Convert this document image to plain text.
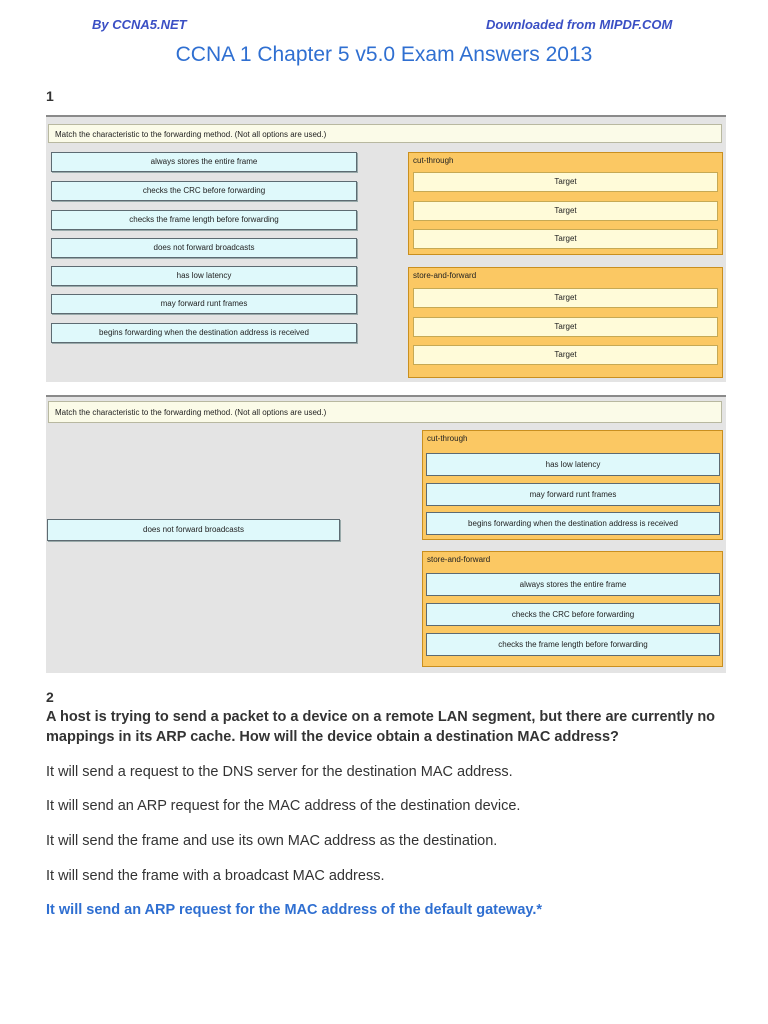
By CCNA5.NET	Downloaded from MIPDF.COM
CCNA 1 Chapter 5 v5.0 Exam Answers 2013
1
Match the characteristic to the forwarding method. (Not all options are used.)
always stores the entire frame
checks the CRC before forwarding
checks the frame length before forwarding
does not forward broadcasts
has low latency
may forward runt frames
begins forwarding when the destination address is received
cut-through
Target
Target
Target
store-and-forward
Target
Target
Target
Match the characteristic to the forwarding method. (Not all options are used.)
does not forward broadcasts
cut-through
has low latency
may forward runt frames
begins forwarding when the destination address is received
store-and-forward
always stores the entire frame
checks the CRC before forwarding
checks the frame length before forwarding
2
A host is trying to send a packet to a device on a remote LAN segment, but there are currently no mappings in its ARP cache. How will the device obtain a destination MAC address?
It will send a request to the DNS server for the destination MAC address.
It will send an ARP request for the MAC address of the destination device.
It will send the frame and use its own MAC address as the destination.
It will send the frame with a broadcast MAC address.
It will send an ARP request for the MAC address of the default gateway.*
